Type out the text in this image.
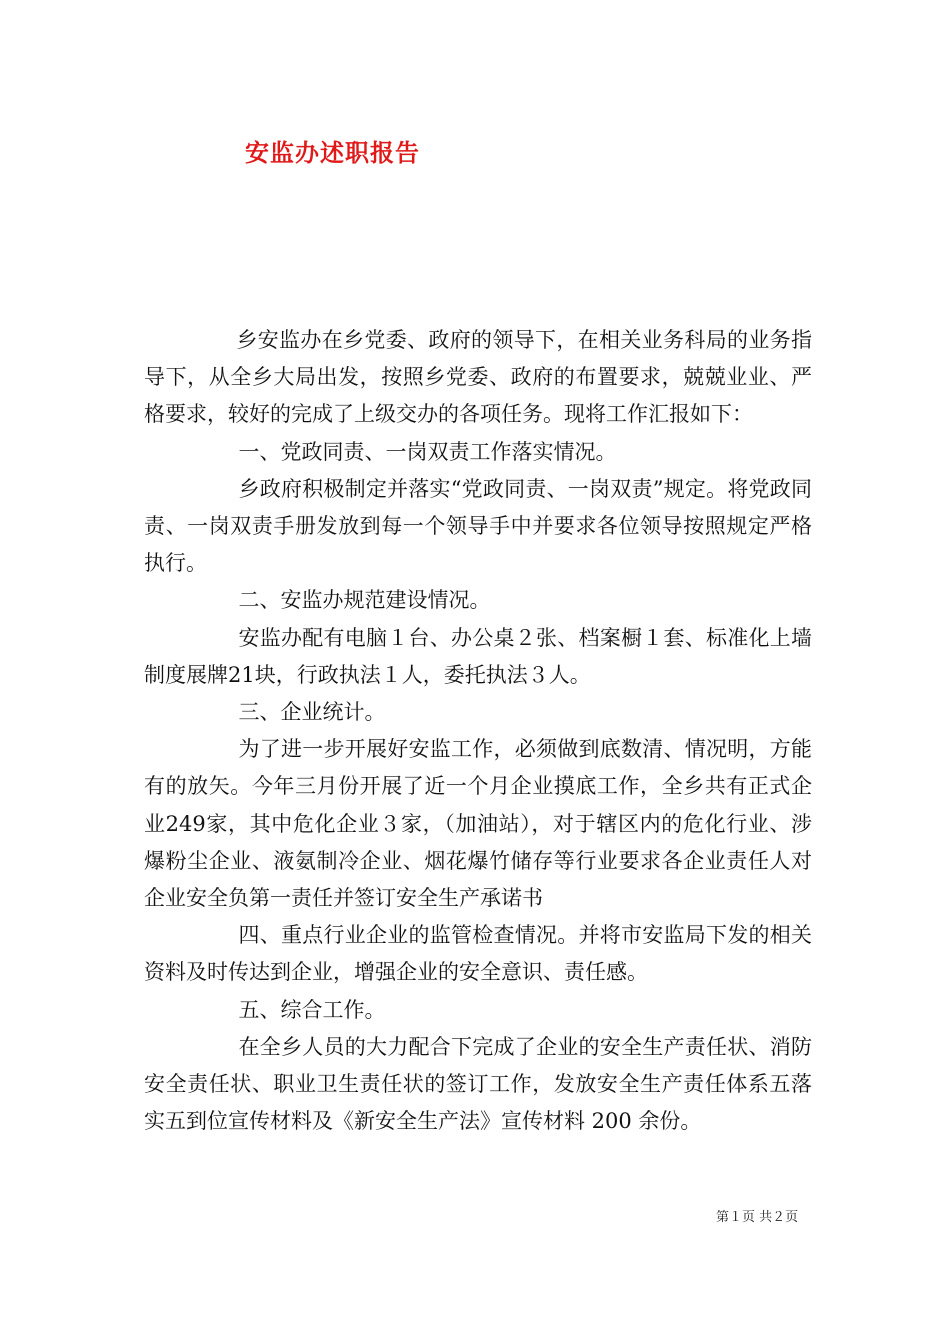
安监办述职报告

乡安监办在乡党委、政府的领导下，在相关业务科局的业务指导下，从全乡大局出发，按照乡党委、政府的布置要求，兢兢业业、严格要求，较好的完成了上级交办的各项任务。现将工作汇报如下：

一、党政同责、一岗双责工作落实情况。

乡政府积极制定并落实“党政同责、一岗双责”规定。将党政同责、一岗双责手册发放到每一个领导手中并要求各位领导按照规定严格执行。

二、安监办规范建设情况。

安监办配有电脑１台、办公桌２张、档案橱１套、标准化上墙制度展牌21块，行政执法１人，委托执法３人。

三、企业统计。

为了进一步开展好安监工作，必须做到底数清、情况明，方能有的放矢。今年三月份开展了近一个月企业摸底工作，全乡共有正式企业249家，其中危化企业３家，（加油站），对于辖区内的危化行业、涉爆粉尘企业、液氨制冷企业、烟花爆竹储存等行业要求各企业责任人对企业安全负第一责任并签订安全生产承诺书

四、重点行业企业的监管检查情况。并将市安监局下发的相关资料及时传达到企业，增强企业的安全意识、责任感。

五、综合工作。

在全乡人员的大力配合下完成了企业的安全生产责任状、消防安全责任状、职业卫生责任状的签订工作，发放安全生产责任体系五落实五到位宣传材料及《新安全生产法》宣传材料 200 余份。

第１页 共２页
